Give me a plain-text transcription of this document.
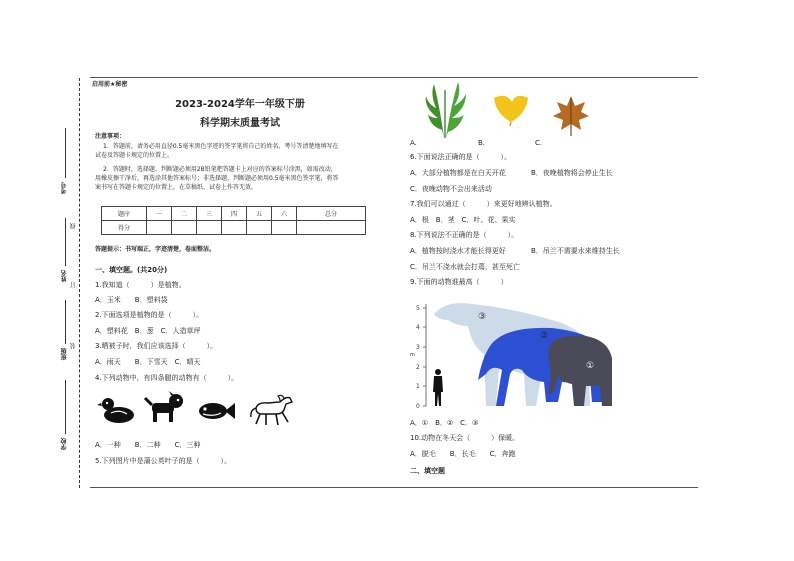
考号
姓名
班级
学校
线
订
装
启用前★秘密
2023-2024学年一年级下册
科学期末质量考试
注意事项：
1．答题前，请务必用直径0.5毫米黑色字迹的签字笔将自己的姓名、考号等清楚地填写在
试卷及答题卡规定的位置上。
2．答题时，选择题、判断题必须用2B铅笔把答题卡上对应的答案标号涂黑，如需改动，
用橡皮擦干净后，再选涂其他答案标号；非选择题、判断题必须用0.5毫米黑色签字笔，将答
案书写在答题卡规定的位置上，在草稿纸、试卷上作答无效。
题序	一	二	三	四	五	六	总分
得分							
答题提示：书写端正，字迹清楚，卷面整洁。
一、填空题。(共20分)
1.我知道（　　　）是植物。
A．玉米　　B．塑料袋
2.下面选项是植物的是（　　　）。
A．塑料花　B．葱　C．人造草坪
3.晒被子时，我们应该选择（　　　）。
A．雨天　　B．下雪天　C．晴天
4.下列动物中，有四条腿的动物有（　　　）。
A．一种　　B．二种　　C．三种
5.下列图片中是蒲公英叶子的是（　　　）。
A.	B.	C.
6.下面说法正确的是（　　　）。
A．大部分植物都是在白天开花	B．夜晚植物将会停止生长
C．夜晚动物不会出来活动
7.我们可以通过（　　　）来更好地辨认植物。
A．根　B．茎　C．叶、花、果实
8.下列说法不正确的是（　　　）。
A．植物按时浇水才能长得更好	B．吊兰不需要水来维持生长
C．吊兰不浇水就会打蔫，甚至死亡
9.下面的动物谁最高（　　　）
5
4
3
2
1
0
m
③
②
①
A．①　B．②　C．③
10.动物在冬天会（　　　）保暖。
A．脱毛　　B．长毛　　C．奔跑
二、填空题
